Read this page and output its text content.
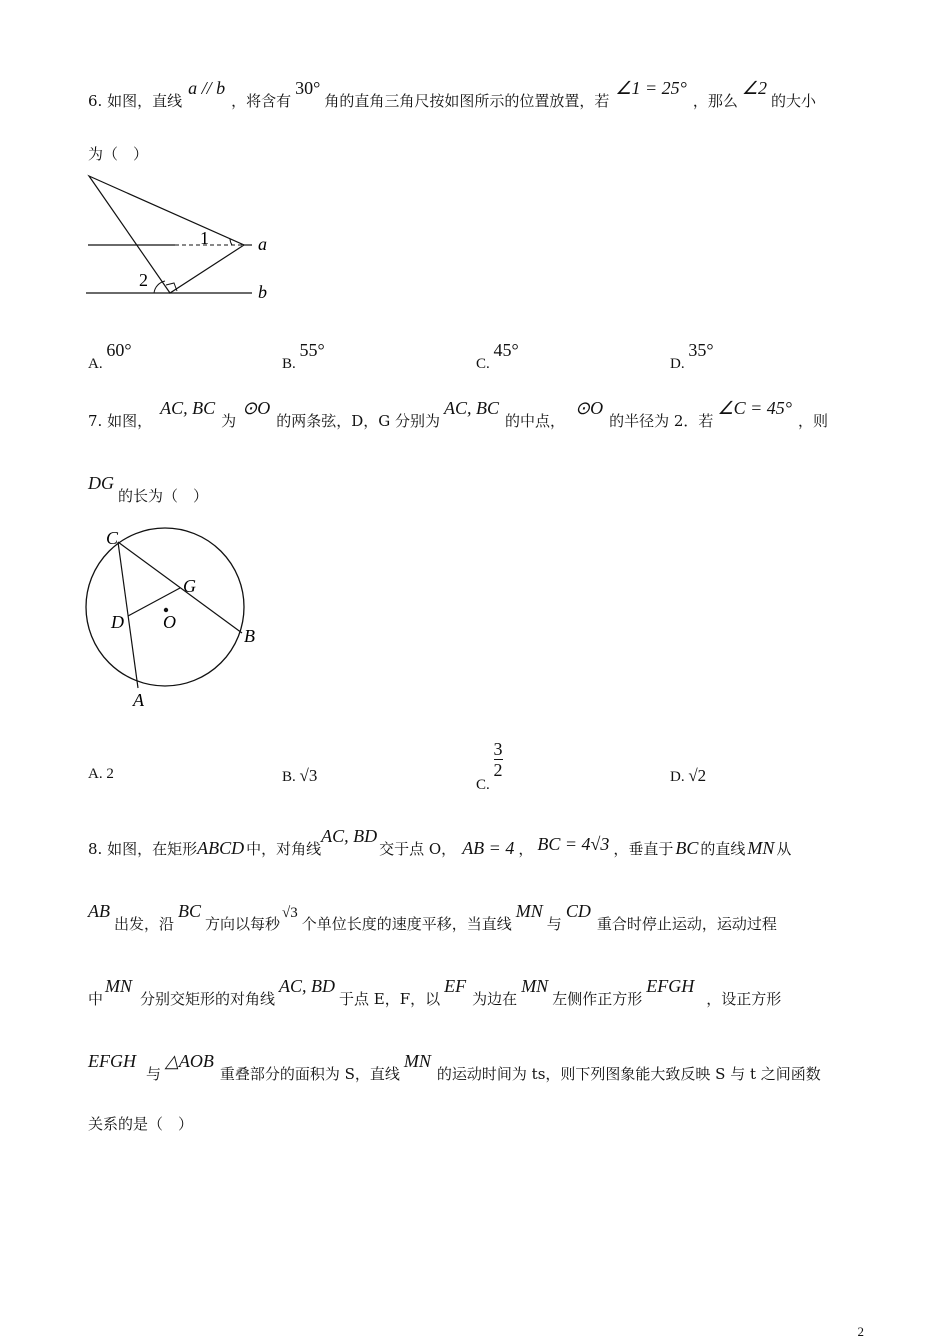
6. 如图，直线a // b，将含有30°角的直角三角尺按如图所示的位置放置，若∠1 = 25°，那么∠2的大小
为（　）
1
2
a
b
A. 60°
B. 55°
C. 45°
D. 35°
7. 如图，AC, BC为⊙O的两条弦，D，G 分别为AC, BC的中点，⊙O的半径为 2．若∠C = 45°，则
DG的长为（　）
C
G
D O
B
A
A. 2	B. √3	C.
$\frac{3}{2}$	D. √2
8. 如图，在矩形ABCD 中，对角线AC, BD交于点 O， AB = 4 ， BC = 4√3 ，垂直于 BC 的直线 MN 从
AB出发，沿BC方向以每秒√3个单位长度的速度平移，当直线MN与CD重合时停止运动，运动过程
中MN分别交矩形的对角线AC, BD于点 E，F，以EF为边在MN左侧作正方形EFGH，设正方形
EFGH与△AOB重叠部分的面积为 S，直线MN的运动时间为 ts，则下列图象能大致反映 S 与 t 之间函数
关系的是（　）
2
